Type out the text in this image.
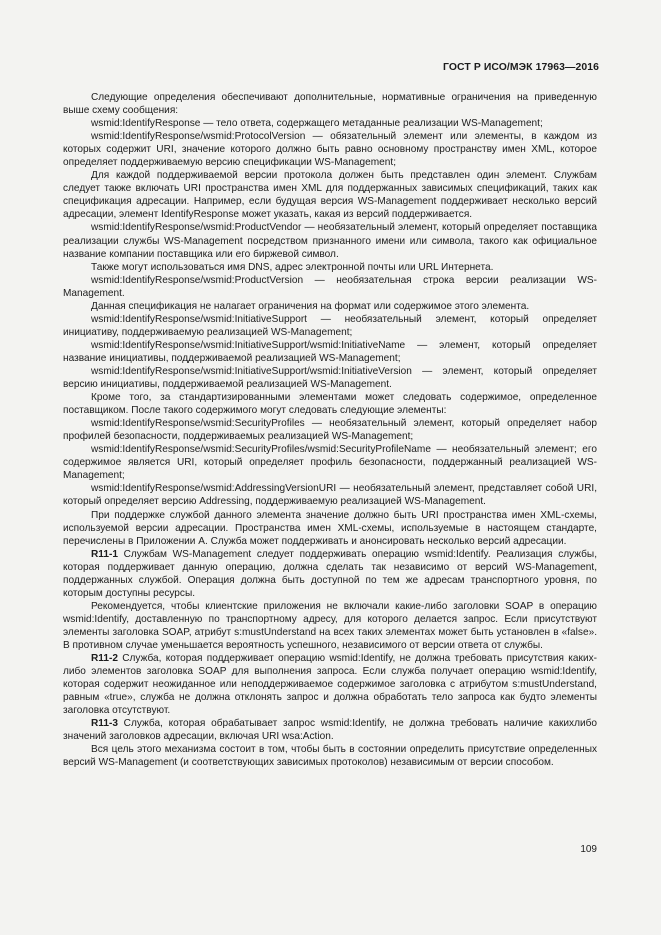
ГОСТ Р ИСО/МЭК 17963—2016

Следующие определения обеспечивают дополнительные, нормативные ограничения на приведенную выше схему сообщения:

wsmid:IdentifyResponse — тело ответа, содержащего метаданные реализации WS-Management;

wsmid:IdentifyResponse/wsmid:ProtocolVersion — обязательный элемент или элементы, в каждом из которых содержит URI, значение которого должно быть равно основному пространству имен XML, которое определяет поддерживаемую версию спецификации WS-Management;

Для каждой поддерживаемой версии протокола должен быть представлен один элемент. Службам следует также включать URI пространства имен XML для поддержанных зависимых спецификаций, таких как спецификация адресации. Например, если будущая версия WS-Management поддерживает несколько версий адресации, элемент IdentifyResponse может указать, какая из версий поддерживается.

wsmid:IdentifyResponse/wsmid:ProductVendor — необязательный элемент, который определяет поставщика реализации службы WS-Management посредством признанного имени или символа, такого как официальное название компании поставщика или его биржевой символ.

Также могут использоваться имя DNS, адрес электронной почты или URL Интернета.

wsmid:IdentifyResponse/wsmid:ProductVersion — необязательная строка версии реализации WS-Management.

Данная спецификация не налагает ограничения на формат или содержимое этого элемента.

wsmid:IdentifyResponse/wsmid:InitiativeSupport — необязательный элемент, который определяет инициативу, поддерживаемую реализацией WS-Management;

wsmid:IdentifyResponse/wsmid:InitiativeSupport/wsmid:InitiativeName — элемент, который определяет название инициативы, поддерживаемой реализацией WS-Management;

wsmid:IdentifyResponse/wsmid:InitiativeSupport/wsmid:InitiativeVersion — элемент, который определяет версию инициативы, поддерживаемой реализацией WS-Management.

Кроме того, за стандартизированными элементами может следовать содержимое, определенное поставщиком. После такого содержимого могут следовать следующие элементы:

wsmid:IdentifyResponse/wsmid:SecurityProfiles — необязательный элемент, который определяет набор профилей безопасности, поддерживаемых реализацией WS-Management;

wsmid:IdentifyResponse/wsmid:SecurityProfiles/wsmid:SecurityProfileName — необязательный элемент; его содержимое является URI, который определяет профиль безопасности, поддержанный реализацией WS-Management;

wsmid:IdentifyResponse/wsmid:AddressingVersionURI — необязательный элемент, представляет собой URI, который определяет версию Addressing, поддерживаемую реализацией WS-Management.

При поддержке службой данного элемента значение должно быть URI пространства имен XML-схемы, используемой версии адресации. Пространства имен XML-схемы, используемые в настоящем стандарте, перечислены в Приложении А. Служба может поддерживать и анонсировать несколько версий адресации.

R11-1 Службам WS-Management следует поддерживать операцию wsmid:Identify. Реализация службы, которая поддерживает данную операцию, должна сделать так независимо от версий WS-Management, поддержанных службой. Операция должна быть доступной по тем же адресам транспортного уровня, по которым доступны ресурсы.

Рекомендуется, чтобы клиентские приложения не включали какие-либо заголовки SOAP в операцию wsmid:Identify, доставленную по транспортному адресу, для которого делается запрос. Если присутствуют элементы заголовка SOAP, атрибут s:mustUnderstand на всех таких элементах может быть установлен в «false». В противном случае уменьшается вероятность успешного, независимого от версии ответа от службы.

R11-2 Служба, которая поддерживает операцию wsmid:Identify, не должна требовать присутствия каких-либо элементов заголовка SOAP для выполнения запроса. Если служба получает операцию wsmid:Identify, которая содержит неожиданное или неподдерживаемое содержимое заголовка с атрибутом s:mustUnderstand, равным «true», служба не должна отклонять запрос и должна обработать тело запроса как будто элементы заголовка отсутствуют.

R11-3 Служба, которая обрабатывает запрос wsmid:Identify, не должна требовать наличие какихлибо значений заголовков адресации, включая URI wsa:Action.

Вся цель этого механизма состоит в том, чтобы быть в состоянии определить присутствие определенных версий WS-Management (и соответствующих зависимых протоколов) независимым от версии способом.

109
